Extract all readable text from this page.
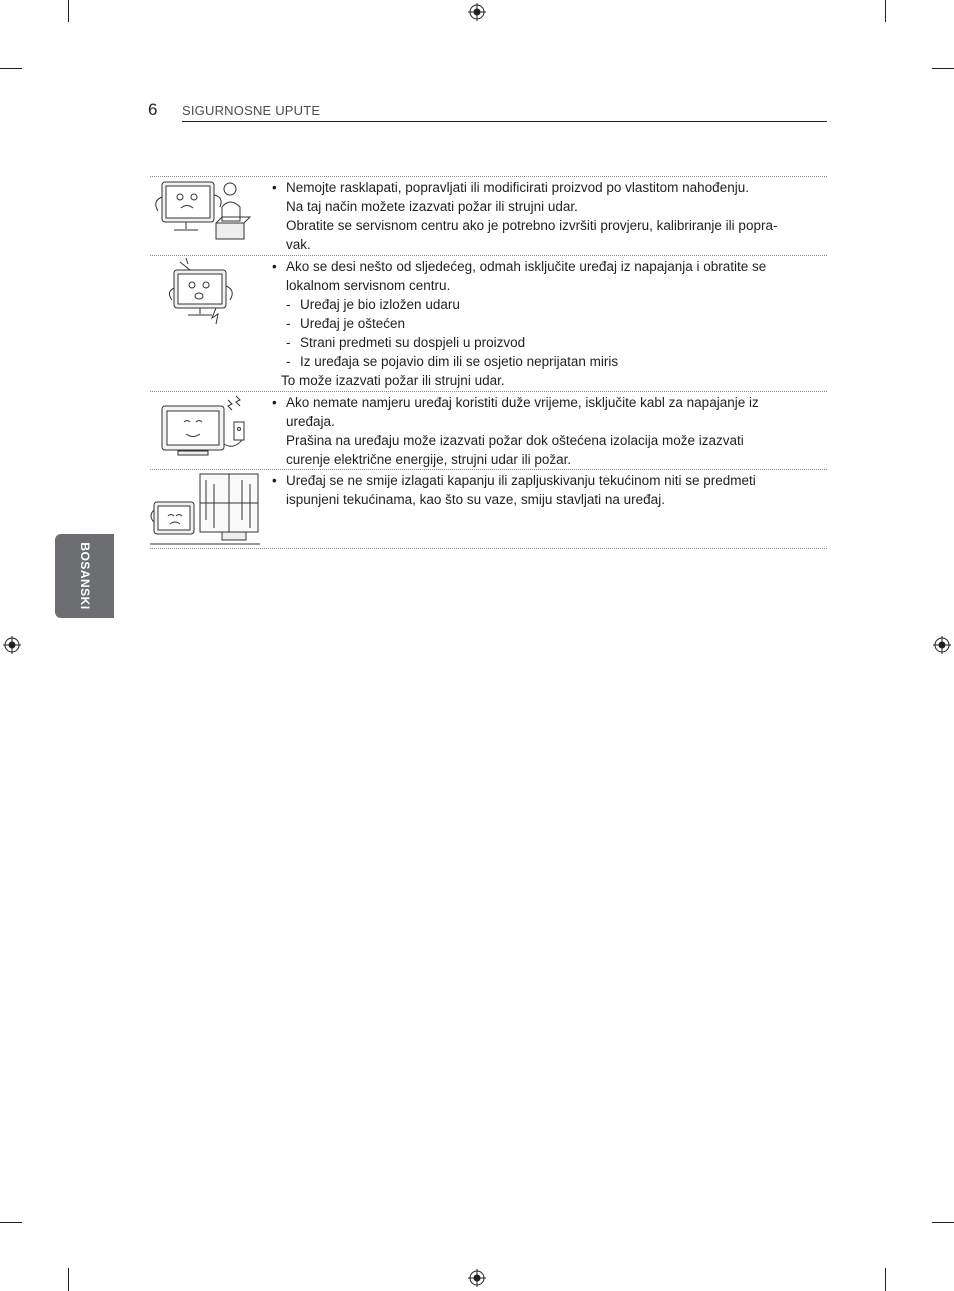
6 SIGURNOSNE UPUTE
BOSANSKI

• Nemojte rasklapati, popravljati ili modificirati proizvod po vlastitom nahođenju.

Na taj način možete izazvati požar ili strujni udar.

Obratite se servisnom centru ako je potrebno izvršiti provjeru, kalibriranje ili popra-

vak.

• Ako se desi nešto od sljedećeg, odmah isključite uređaj iz napajanja i obratite se

lokalnom servisnom centru.

- Uređaj je bio izložen udaru

- Uređaj je oštećen

- Strani predmeti su dospjeli u proizvod

- Iz uređaja se pojavio dim ili se osjetio neprijatan miris

To može izazvati požar ili strujni udar.

• Ako nemate namjeru uređaj koristiti duže vrijeme, isključite kabl za napajanje iz

uređaja.

Prašina na uređaju može izazvati požar dok oštećena izolacija može izazvati

curenje električne energije, strujni udar ili požar.

• Uređaj se ne smije izlagati kapanju ili zapljuskivanju tekućinom niti se predmeti

ispunjeni tekućinama, kao što su vaze, smiju stavljati na uređaj.
